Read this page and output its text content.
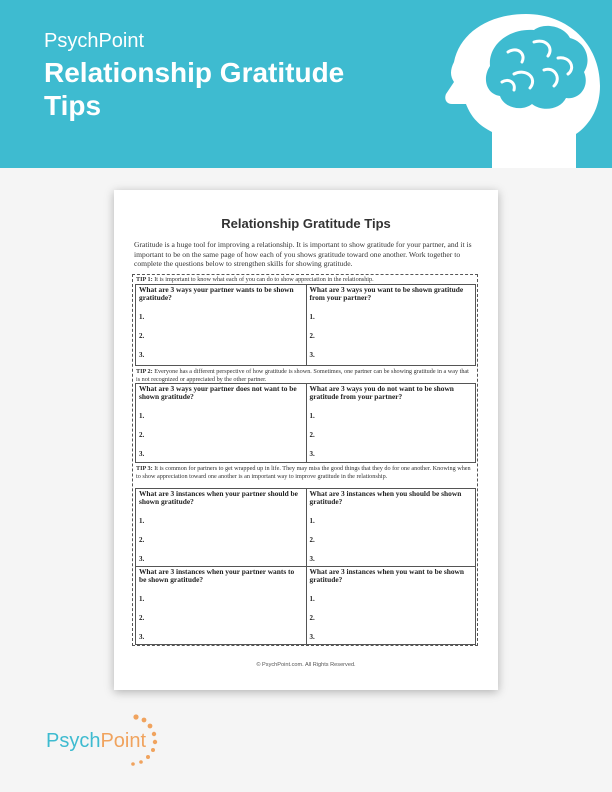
PsychPoint
Relationship Gratitude Tips
Relationship Gratitude Tips
Gratitude is a huge tool for improving a relationship. It is important to show gratitude for your partner, and it is important to be on the same page of how each of you shows gratitude toward one another. Work together to complete the questions below to strengthen skills for showing gratitude.
TIP 1: It is important to know what each of you can do to show appreciation in the relationship.
What are 3 ways your partner wants to be shown gratitude?
1.
2.
3.
What are 3 ways you want to be shown gratitude from your partner?
1.
2.
3.
TIP 2: Everyone has a different perspective of how gratitude is shown. Sometimes, one partner can be showing gratitude in a way that is not recognized or appreciated by the other partner.
What are 3 ways your partner does not want to be shown gratitude?
1.
2.
3.
What are 3 ways you do not want to be shown gratitude from your partner?
1.
2.
3.
TIP 3: It is common for partners to get wrapped up in life. They may miss the good things that they do for one another. Knowing when to show appreciation toward one another is an important way to improve gratitude in the relationship.
What are 3 instances when your partner should be shown gratitude?
1.
2.
3.
What are 3 instances when you should be shown gratitude?
1.
2.
3.
What are 3 instances when your partner wants to be shown gratitude?
1.
2.
3.
What are 3 instances when you want to be shown gratitude?
1.
2.
3.
© PsychPoint.com. All Rights Reserved.
PsychPoint
